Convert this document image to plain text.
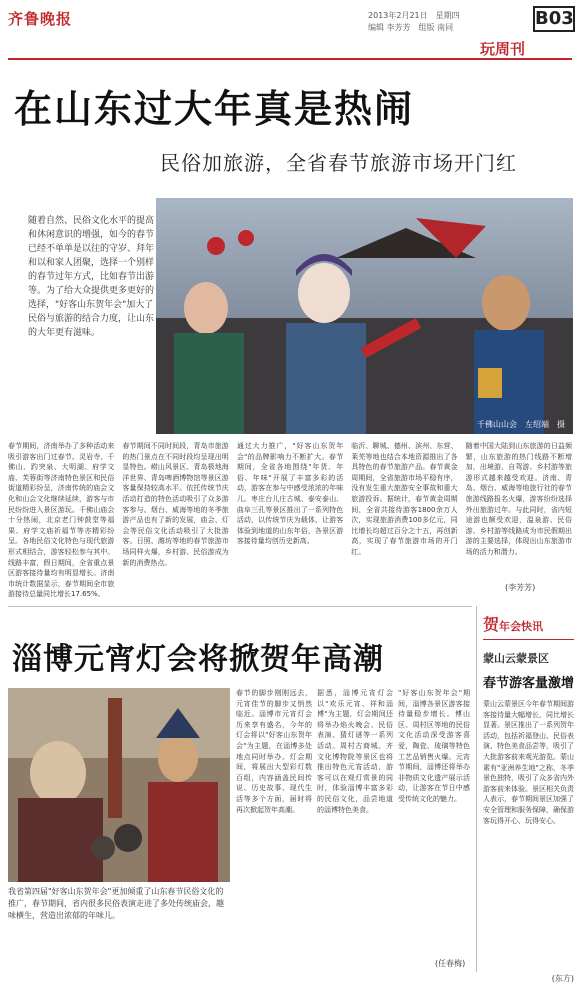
齐鲁晚报	2013年2月21日　星期四
编辑 李芳芳　组版 南同	B03
玩周刊
在山东过大年真是热闹
民俗加旅游，全省春节旅游市场开门红
随着自然、民俗文化水平的提高和休闲意识的增强，如今的春节已经不单单是以往的守岁、拜年和以和家人团聚，选择一个别样的春节过年方式，比如春节出游等。为了给大众提供更多更好的选择，"好客山东贺年会"加大了民俗与旅游的结合力度，让山东的大年更有滋味。
千佛山山会　左绍端　摄
春节期间，济南举办了多种活动来吸引游客出门过春节。灵岩寺、千佛山、趵突泉、大明湖、府学文庙、芙蓉街等济南特色景区和民俗街道精彩纷呈，济南传统的庙会文化和山会文化继续延续，游客与市民纷纷进入景区游玩。千佛山庙会十分热闹，北京老门钟鼓堂等福果、府学文庙祈福节等亦精彩纷呈。各地民俗文化特色与现代旅游形式相结合，游客轻松参与其中。线路丰富，假日期间，全省重点景区游客接待量均有明显增长。济南市统计数据显示，春节期间全市旅游接待总量同比增长17.65%。
春节期间不同时间段，青岛市旅游的热门景点在不同时段均呈现出明显特色。崂山风景区、青岛极地海洋世界、青岛啤酒博物馆等景区游客量保持较高水平。依托传统节庆活动打造的特色活动吸引了众多游客参与。烟台、威海等地的冬季旅游产品也有了新的发展，庙会、灯会等民俗文化活动吸引了大批游客。日照、潍坊等地的春节旅游市场同样火爆，乡村游、民俗游成为新的消费热点。
通过大力推广，"好客山东贺年会"的品牌影响力不断扩大。春节期间，全省各地围绕"年货、年俗、年味"开展了丰富多彩的活动，游客在参与中感受浓浓的年味儿。枣庄台儿庄古城、泰安泰山、曲阜三孔等景区推出了一系列特色活动，以传统节庆为载体，让游客体验到地道的山东年俗，各景区游客接待量均创历史新高。
临沂、聊城、德州、滨州、东营、莱芜等地也结合本地资源推出了各具特色的春节旅游产品。春节黄金周期间，全省旅游市场平稳有序，没有发生重大旅游安全事故和重大旅游投诉。据统计，春节黄金周期间，全省共接待游客1800余万人次，实现旅游消费100多亿元，同比增长均超过百分之十五，再创新高，实现了春节旅游市场的开门红。
随着中国大陆到山东旅游的日益频繁，山东旅游的热门线路不断增加，出境游、自驾游、乡村游等旅游形式越来越受欢迎。济南、青岛、烟台、威海等地旅行社的春节旅游线路报名火爆，游客纷纷选择外出旅游过年。与此同时，省内短途游也颇受欢迎，温泉游、民俗游、乡村游等线路成为市民假期出游的主要选择，体现出山东旅游市场的活力和潜力。
(李芳芳)
淄博元宵灯会将掀贺年高潮
我省第四届"好客山东贺年会"更加倾重了山东春节民俗文化的推广，春节期间，省内很多民俗表演走进了多处传统庙会，趣味横生，营造出浓郁的年味儿。
春节的脚步刚刚远去，元宵佳节的脚步又悄然临近。淄博市元宵灯会历来享有盛名，今年的灯会将以"好客山东贺年会"为主题，在淄博多处地点同时举办。灯会期间，将展出大型彩灯数百组，内容涵盖民间传说、历史故事、现代生活等多个方面，届时将再次掀起贺年高潮。
据悉，淄博元宵灯会以"欢乐元宵、祥和淄博"为主题，灯会期间还将举办焰火晚会、民俗表演、猜灯谜等一系列活动。周村古商城、齐文化博物院等景区也将推出特色元宵活动，游客可以在观灯赏景的同时，体验淄博丰富多彩的民俗文化，品尝地道的淄博特色美食。
"好客山东贺年会"期间，淄博各景区游客接待量稳步增长。博山区、周村区等地的民俗文化活动深受游客喜爱，陶瓷、琉璃等特色工艺品销售火爆。元宵节期间，淄博还将举办非物质文化遗产展示活动，让游客在节日中感受传统文化的魅力。
(任春梅)
贺年会快讯
蒙山云蒙景区
春节游客量激增
蒙山云蒙景区今年春节期间游客接待量大幅增长，同比增长显著。景区推出了一系列贺年活动，包括祈福登山、民俗表演、特色美食品尝等，吸引了大批游客前来观光游览。蒙山素有"亚洲养生地"之称，冬季景色独特，吸引了众多省内外游客前来体验。景区相关负责人表示，春节期间景区加强了安全管理和服务保障，确保游客玩得开心、玩得安心。
(东方)
